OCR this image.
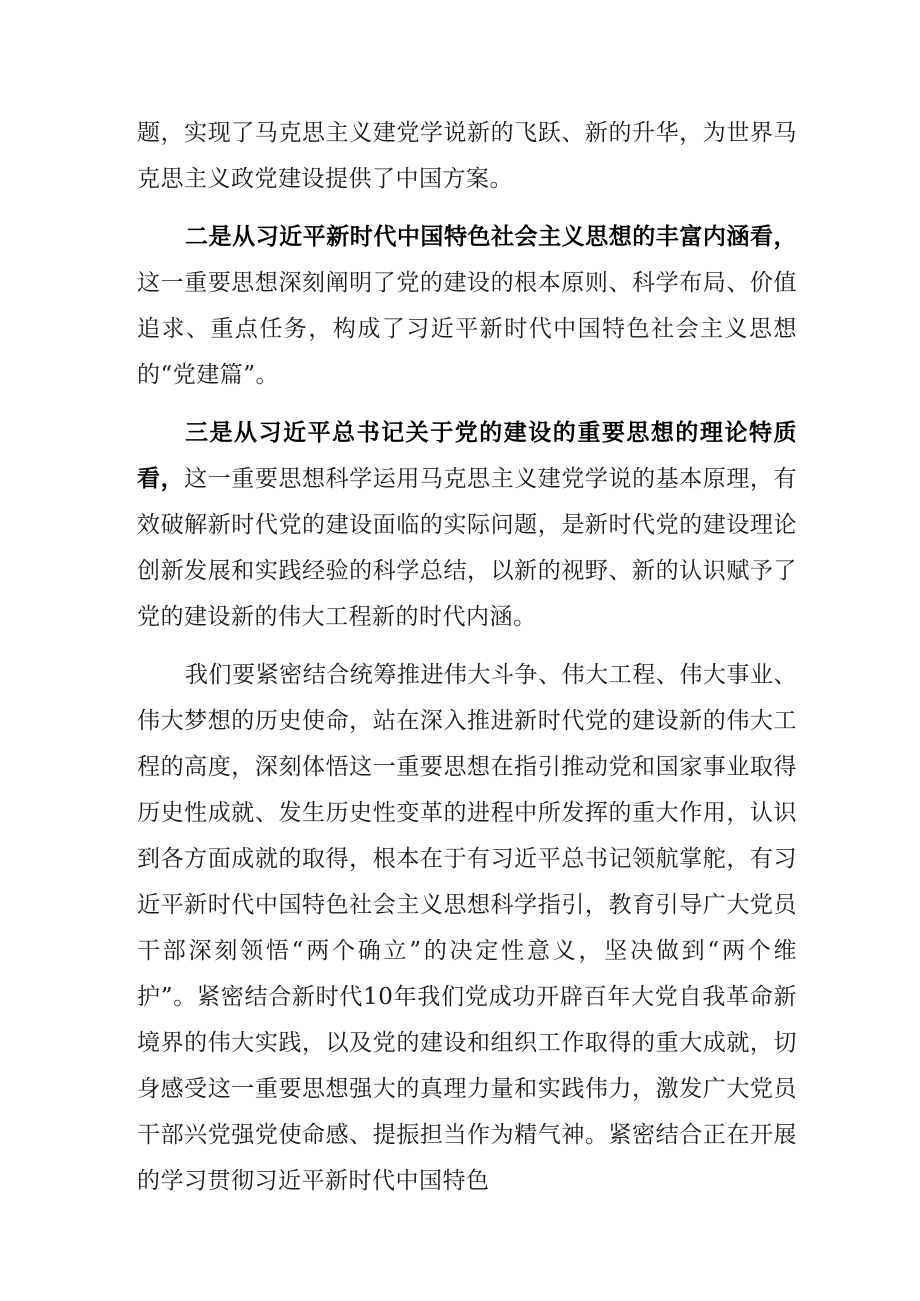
题，实现了马克思主义建党学说新的飞跃、新的升华，为世界马克思主义政党建设提供了中国方案。

二是从习近平新时代中国特色社会主义思想的丰富内涵看，这一重要思想深刻阐明了党的建设的根本原则、科学布局、价值追求、重点任务，构成了习近平新时代中国特色社会主义思想的“党建篇”。

三是从习近平总书记关于党的建设的重要思想的理论特质看，这一重要思想科学运用马克思主义建党学说的基本原理，有效破解新时代党的建设面临的实际问题，是新时代党的建设理论创新发展和实践经验的科学总结，以新的视野、新的认识赋予了党的建设新的伟大工程新的时代内涵。

我们要紧密结合统筹推进伟大斗争、伟大工程、伟大事业、伟大梦想的历史使命，站在深入推进新时代党的建设新的伟大工程的高度，深刻体悟这一重要思想在指引推动党和国家事业取得历史性成就、发生历史性变革的进程中所发挥的重大作用，认识到各方面成就的取得，根本在于有习近平总书记领航掌舵，有习近平新时代中国特色社会主义思想科学指引，教育引导广大党员干部深刻领悟“两个确立”的决定性意义，坚决做到“两个维护”。紧密结合新时代10年我们党成功开辟百年大党自我革命新境界的伟大实践，以及党的建设和组织工作取得的重大成就，切身感受这一重要思想强大的真理力量和实践伟力，激发广大党员干部兴党强党使命感、提振担当作为精气神。紧密结合正在开展的学习贯彻习近平新时代中国特色
